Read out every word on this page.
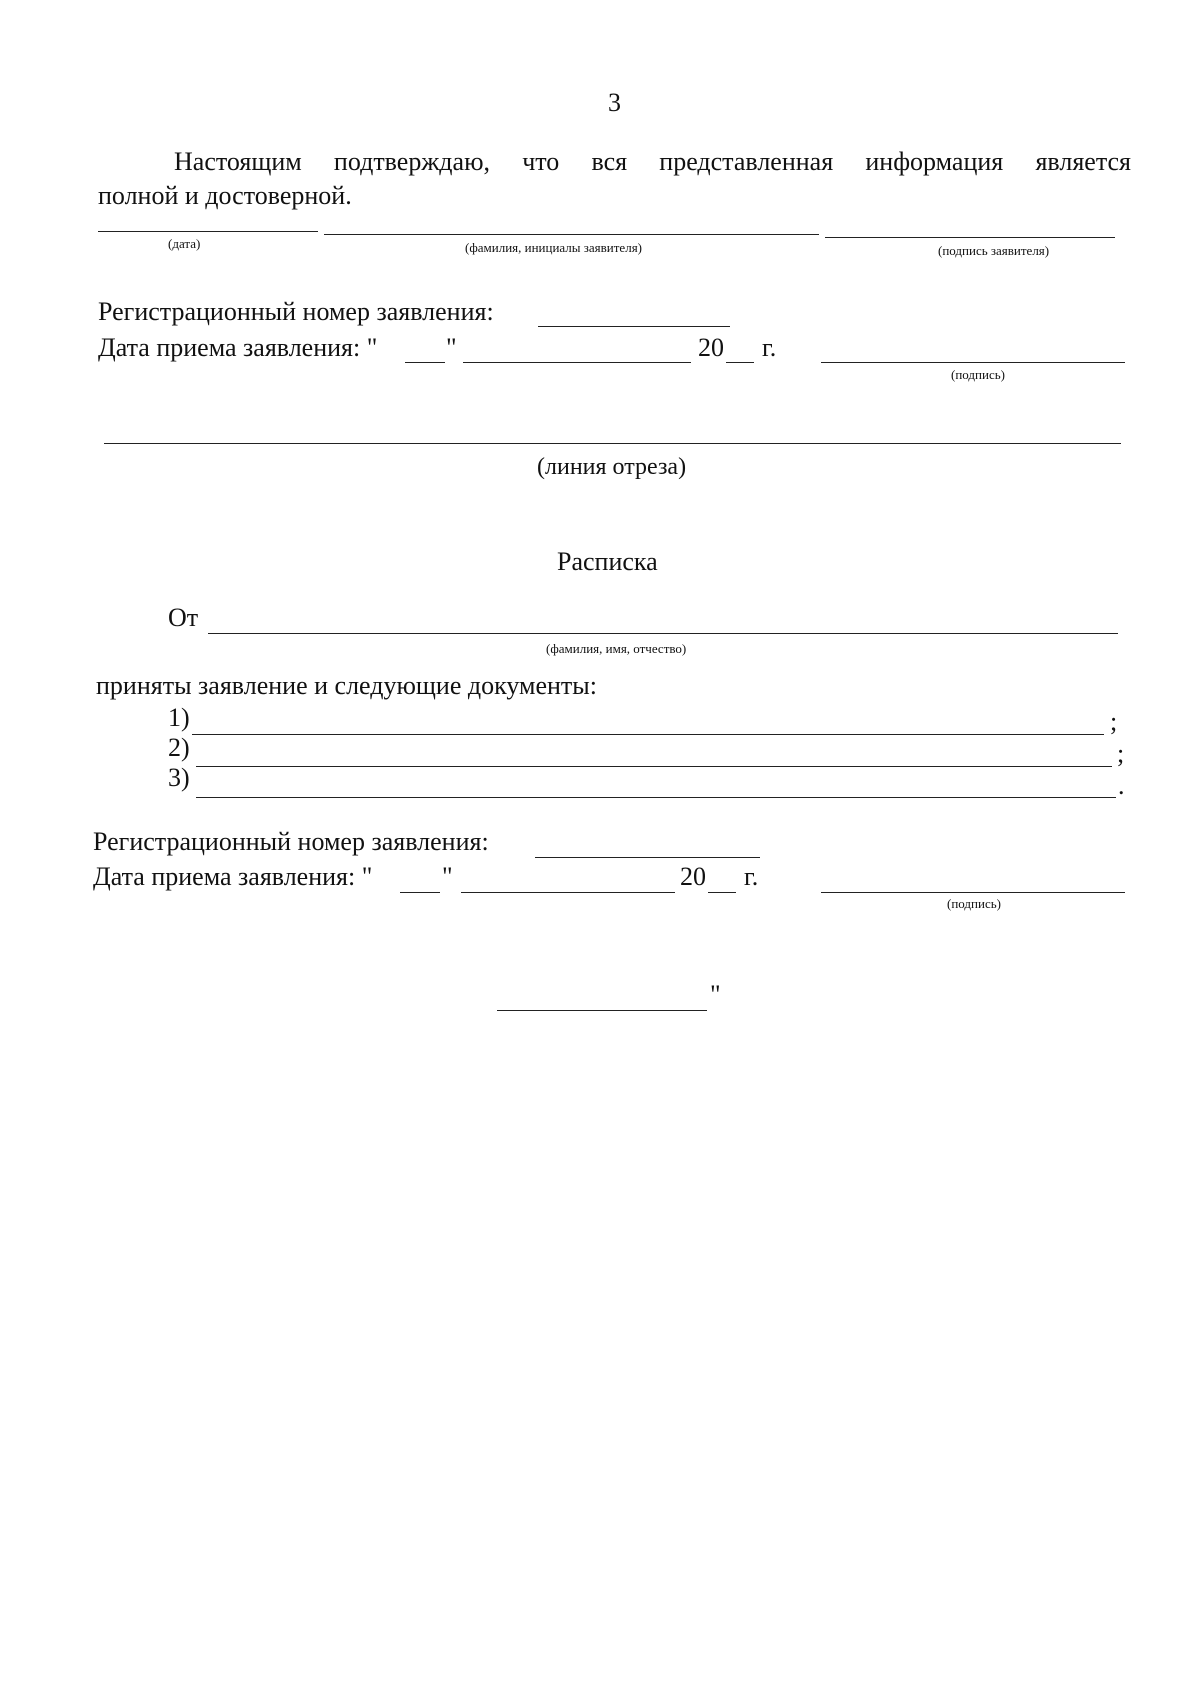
3
Настоящим подтверждаю, что вся представленная информация является
полной и достоверной.
(дата)	(фамилия, инициалы заявителя)	(подпись заявителя)
Регистрационный номер заявления:
Дата приема заявления: "	"	20 г.
(подпись)
(линия отреза)
Расписка
От
(фамилия, имя, отчество)
приняты заявление и следующие документы:
1)	;
2)	;
3)	.
Регистрационный номер заявления:
Дата приема заявления: "	"	20 г.
(подпись)
"
